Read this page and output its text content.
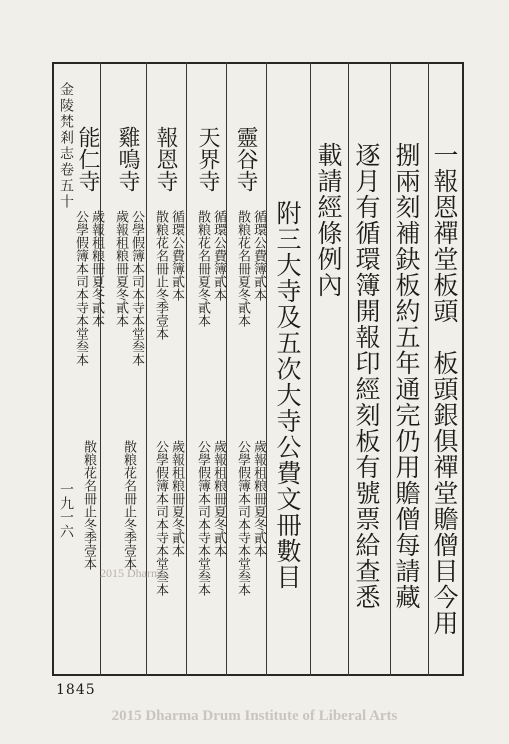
金陵梵剎志卷五十
一九一六	一報恩禪堂板頭　板頭銀俱禪堂贍僧目今用
捌兩刻補鈌板約五年通完仍用贍僧每請藏
逐月有循環簿開報印經刻板有號票給查悉
載請經條例內
附三大寺及五次大寺公費文冊數目
靈谷寺
循環公費簿貳本
散粮花名冊夏冬貳本
歲報租粮冊夏冬貳本
公學假簿本司本寺本堂叁本
天界寺
循環公費簿貳本
散粮花名冊夏冬貳本
歲報租粮冊夏冬貳本
公學假簿本司本寺本堂叁本
報恩寺
循環公費簿貳本
散粮花名冊止冬季壹本
歲報租粮冊夏冬貳本
公學假簿本司本寺本堂叁本
雞鳴寺
公學假簿本司本寺本堂叁本
歲報租粮冊夏冬貳本
散粮花名冊止冬季壹本
能仁寺
歲報租粮冊夏冬貳本
公學假簿本司本寺本堂叁本
散粮花名冊止冬季壹本
2015 Dharma
1845
2015 Dharma Drum Institute of Liberal Arts
